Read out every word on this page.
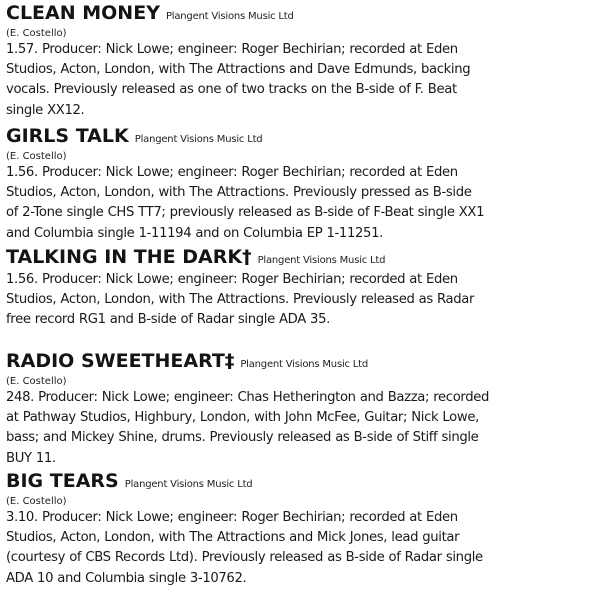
CLEAN MONEY Plangent Visions Music Ltd
(E. Costello)
1.57. Producer: Nick Lowe; engineer: Roger Bechirian; recorded at Eden
Studios, Acton, London, with The Attractions and Dave Edmunds, backing
vocals. Previously released as one of two tracks on the B-side of F. Beat
single XX12.
GIRLS TALK Plangent Visions Music Ltd
(E. Costello)
1.56. Producer: Nick Lowe; engineer: Roger Bechirian; recorded at Eden
Studios, Acton, London, with The Attractions. Previously pressed as B-side
of 2-Tone single CHS TT7; previously released as B-side of F-Beat single XX1
and Columbia single 1-11194 and on Columbia EP 1-11251.
TALKING IN THE DARK† Plangent Visions Music Ltd
1.56. Producer: Nick Lowe; engineer: Roger Bechirian; recorded at Eden
Studios, Acton, London, with The Attractions. Previously released as Radar
free record RG1 and B-side of Radar single ADA 35.
RADIO SWEETHEART‡ Plangent Visions Music Ltd
(E. Costello)
248. Producer: Nick Lowe; engineer: Chas Hetherington and Bazza; recorded
at Pathway Studios, Highbury, London, with John McFee, Guitar; Nick Lowe,
bass; and Mickey Shine, drums. Previously released as B-side of Stiff single
BUY 11.
BIG TEARS Plangent Visions Music Ltd
(E. Costello)
3.10. Producer: Nick Lowe; engineer: Roger Bechirian; recorded at Eden
Studios, Acton, London, with The Attractions and Mick Jones, lead guitar
(courtesy of CBS Records Ltd). Previously released as B-side of Radar single
ADA 10 and Columbia single 3-10762.
